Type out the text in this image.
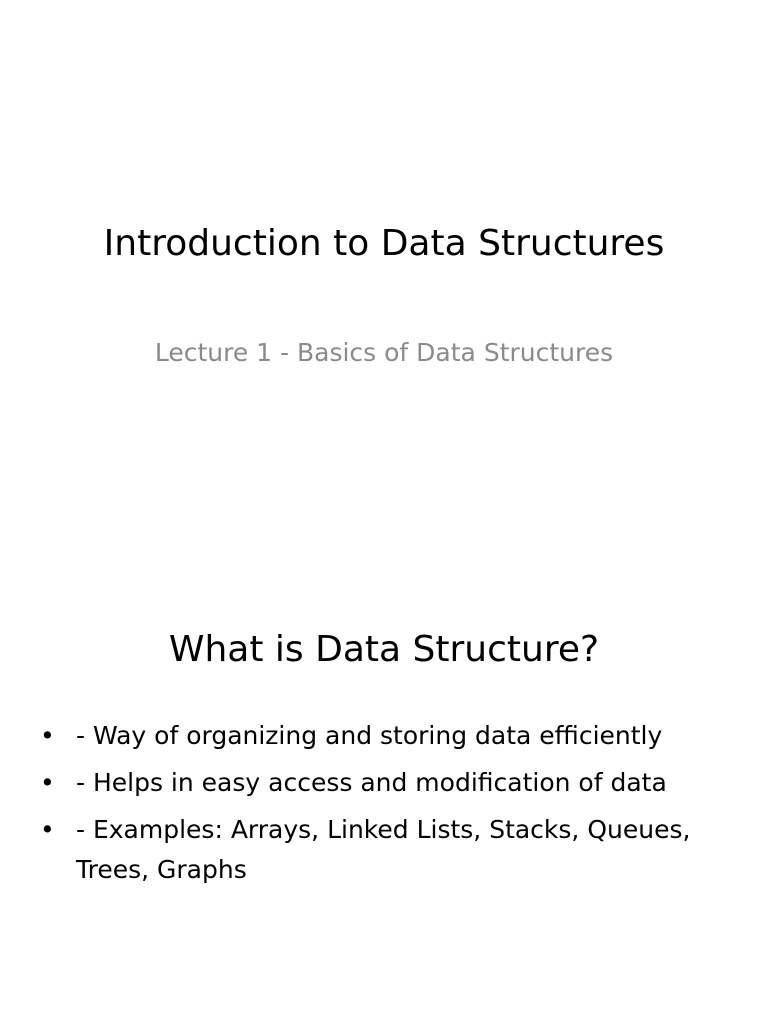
Introduction to Data Structures
Lecture 1 - Basics of Data Structures
What is Data Structure?
• - Way of organizing and storing data efficiently
• - Helps in easy access and modification of data
• - Examples: Arrays, Linked Lists, Stacks, Queues, Trees, Graphs
